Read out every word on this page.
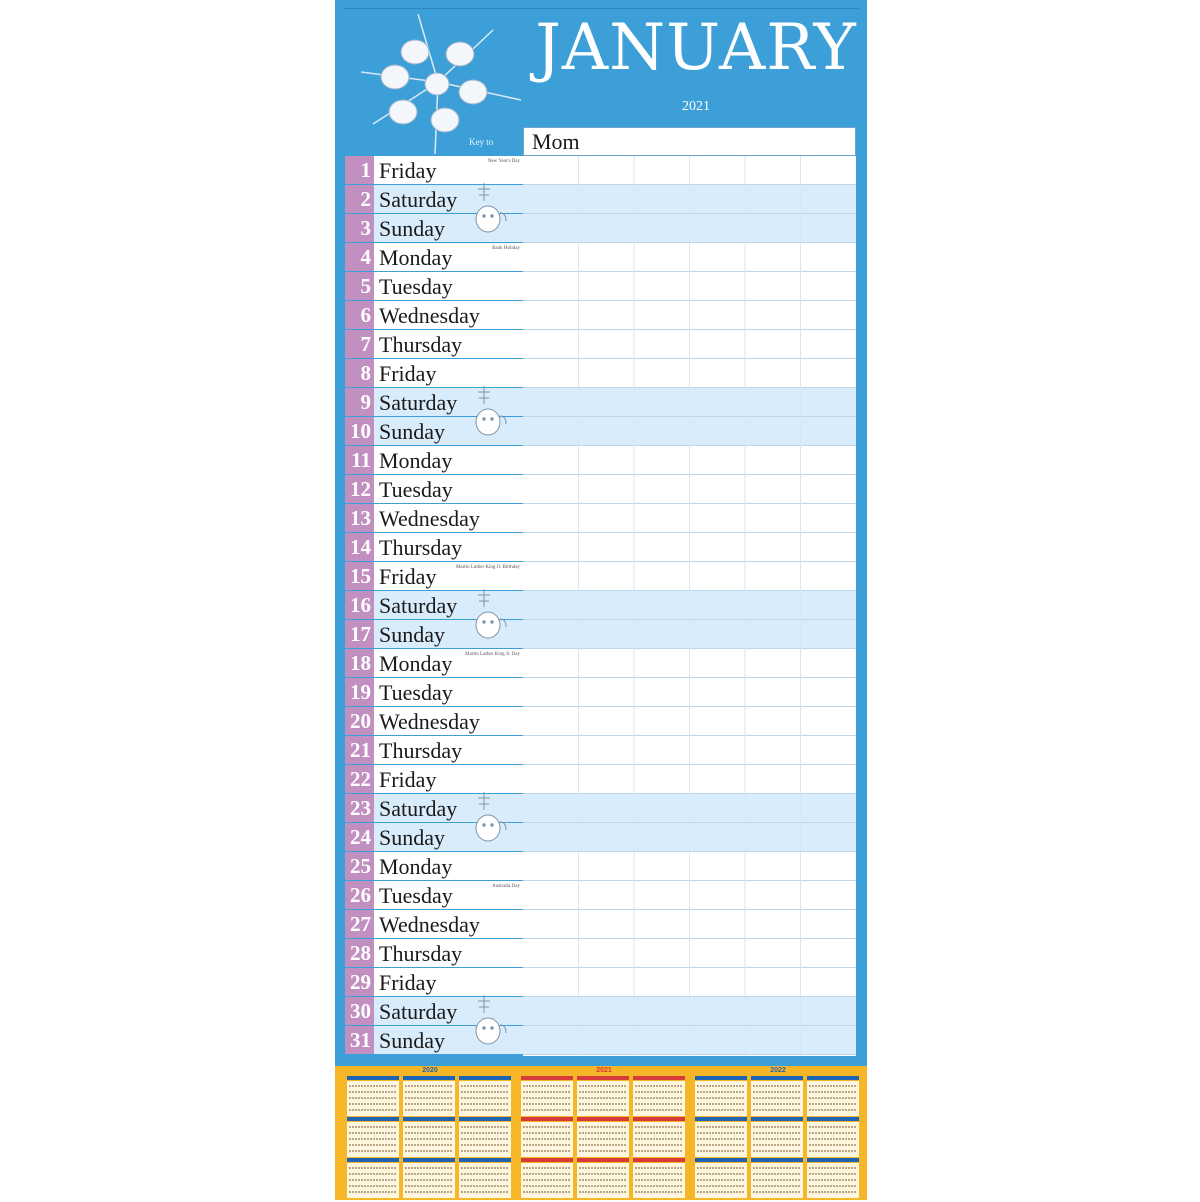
JANUARY
2021
Key to Mom
1 Friday	New Year's Day
2 Saturday
3 Sunday
4 Monday	Bank Holiday
5 Tuesday
6 Wednesday
7 Thursday
8 Friday
9 Saturday
10 Sunday
11 Monday
12 Tuesday
13 Wednesday
14 Thursday
15 Friday	Martin Luther King Jr. Birthday
16 Saturday
17 Sunday
18 Monday	Martin Luther King Jr. Day
19 Tuesday
20 Wednesday
21 Thursday
22 Friday
23 Saturday
24 Sunday
25 Monday
26 Tuesday	Australia Day
27 Wednesday
28 Thursday
29 Friday
30 Saturday
31 Sunday
2020	2021	2022
